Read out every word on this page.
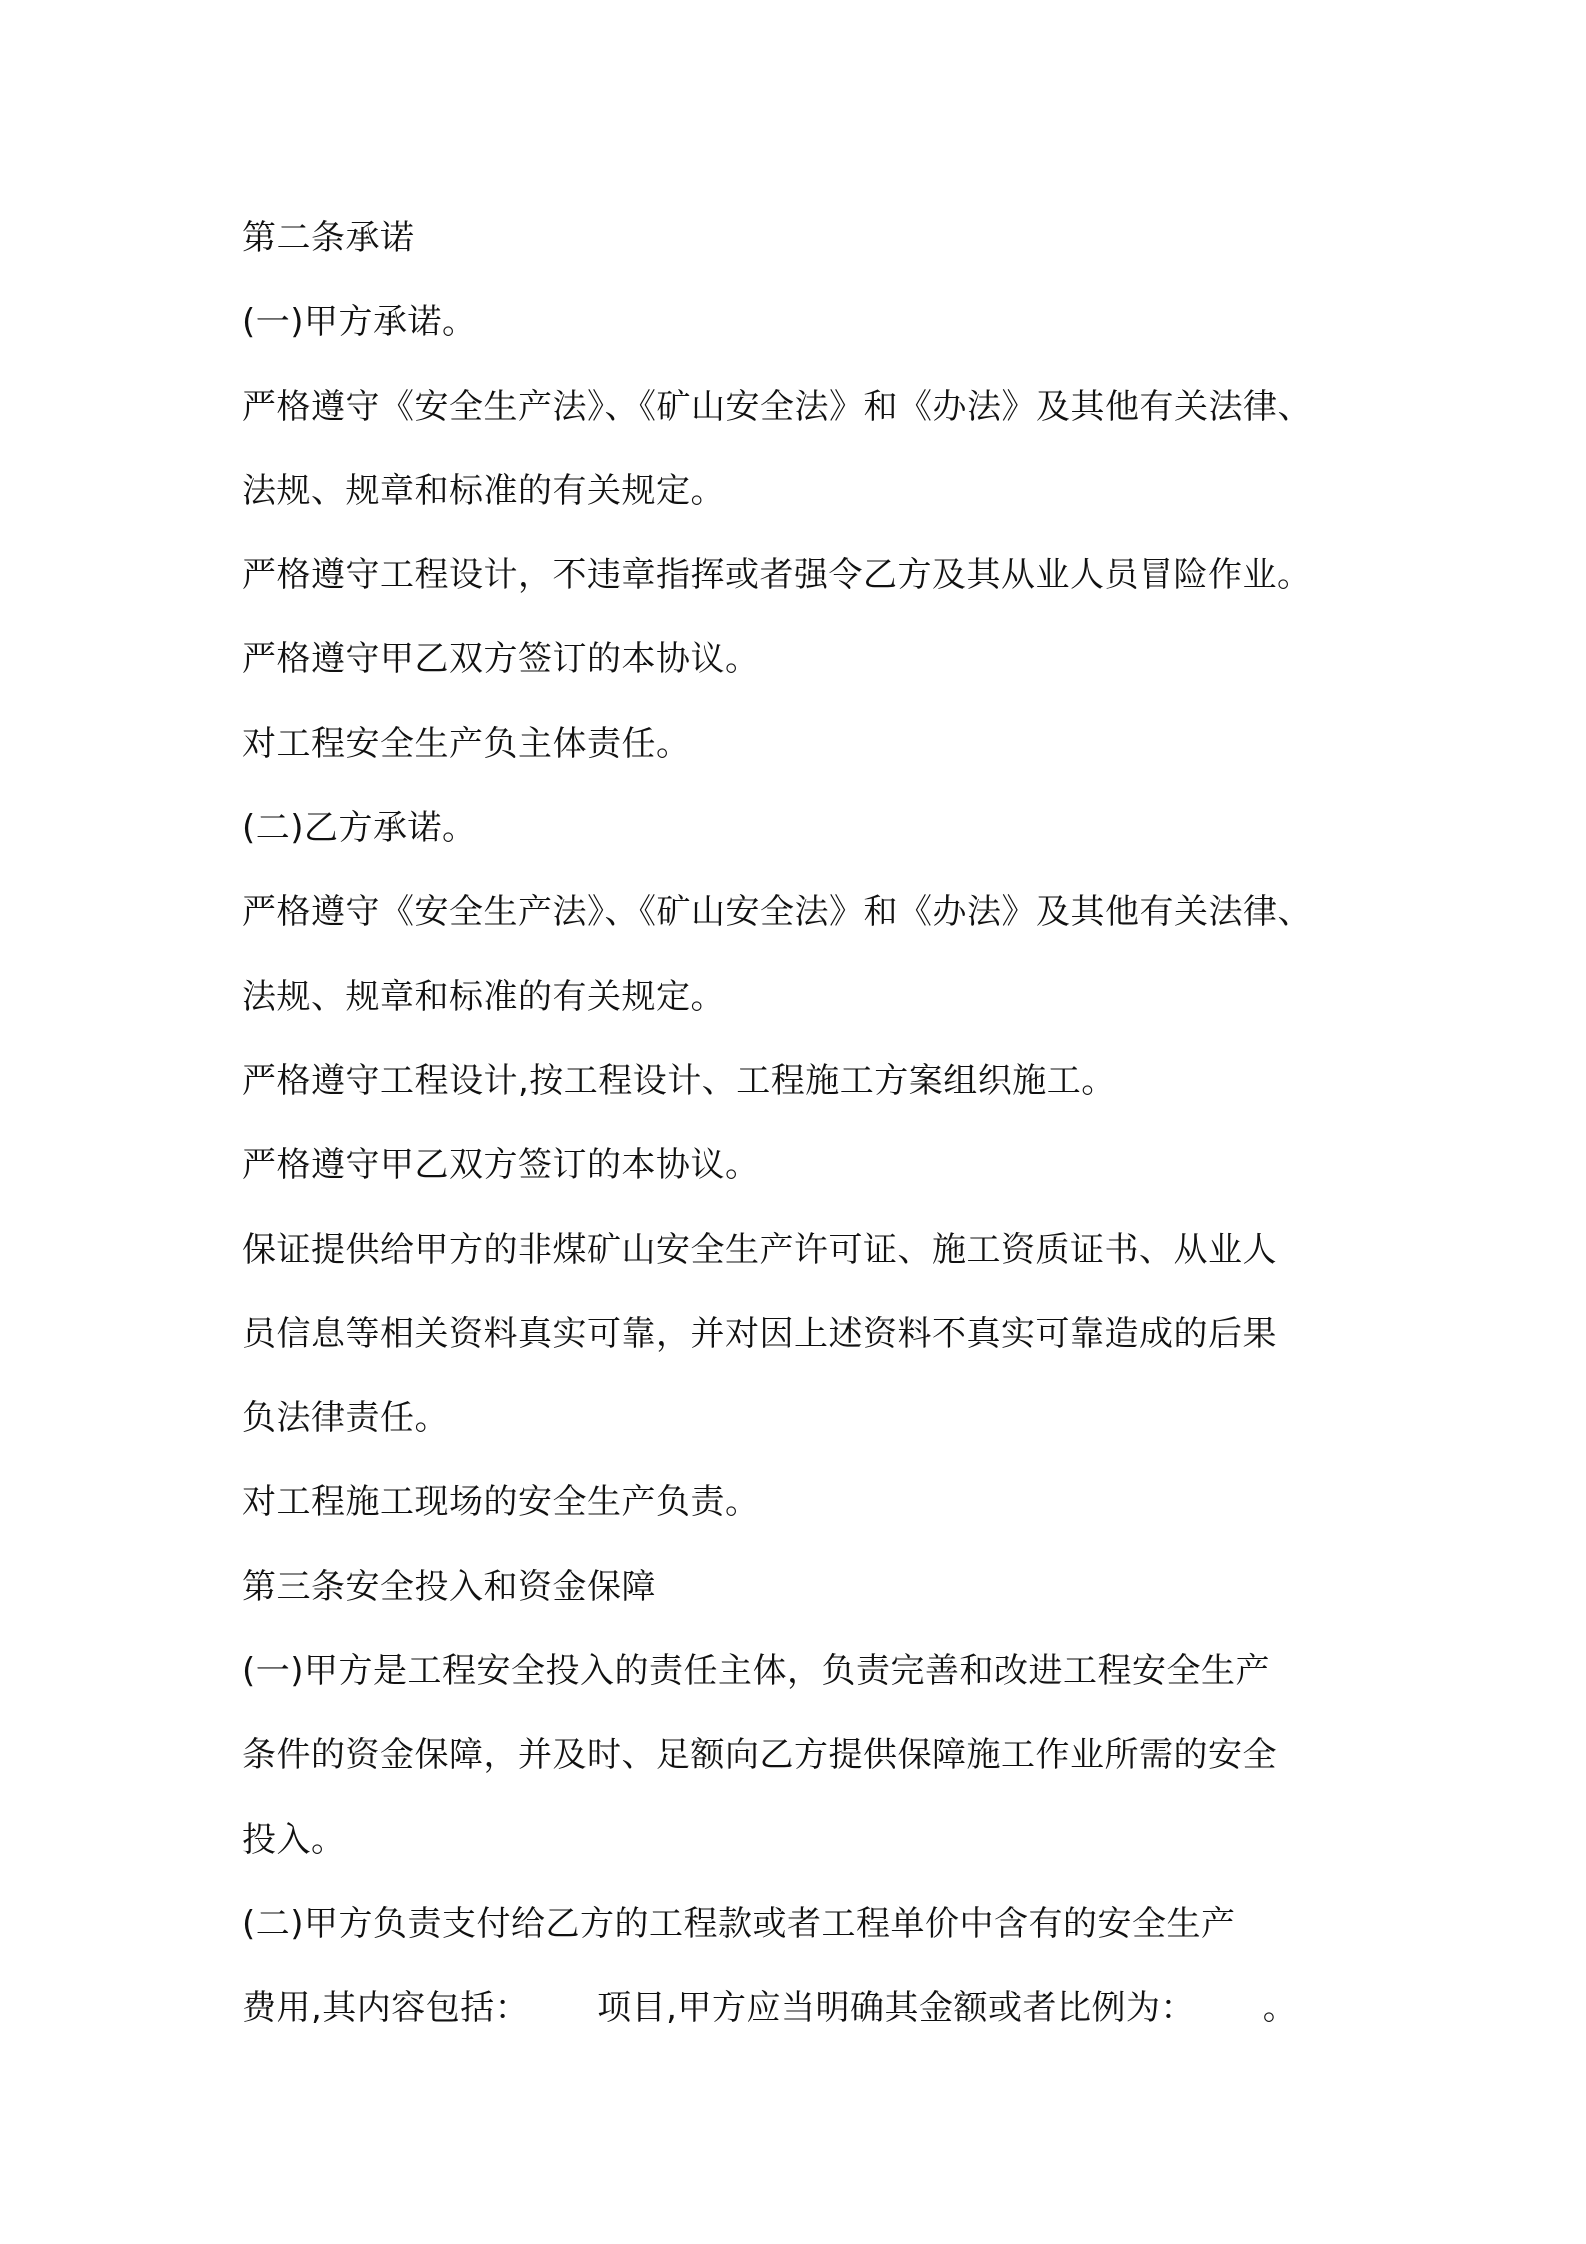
第二条承诺
(一)甲方承诺。
严格遵守《安全生产法》、《矿山安全法》和《办法》及其他有关法律、
法规、规章和标准的有关规定。
严格遵守工程设计，不违章指挥或者强令乙方及其从业人员冒险作业。
严格遵守甲乙双方签订的本协议。
对工程安全生产负主体责任。
(二)乙方承诺。
严格遵守《安全生产法》、《矿山安全法》和《办法》及其他有关法律、
法规、规章和标准的有关规定。
严格遵守工程设计,按工程设计、工程施工方案组织施工。
严格遵守甲乙双方签订的本协议。
保证提供给甲方的非煤矿山安全生产许可证、施工资质证书、从业人
员信息等相关资料真实可靠，并对因上述资料不真实可靠造成的后果
负法律责任。
对工程施工现场的安全生产负责。
第三条安全投入和资金保障
(一)甲方是工程安全投入的责任主体，负责完善和改进工程安全生产
条件的资金保障，并及时、足额向乙方提供保障施工作业所需的安全
投入。
(二)甲方负责支付给乙方的工程款或者工程单价中含有的安全生产
费用,其内容包括：      项目,甲方应当明确其金额或者比例为：      。
